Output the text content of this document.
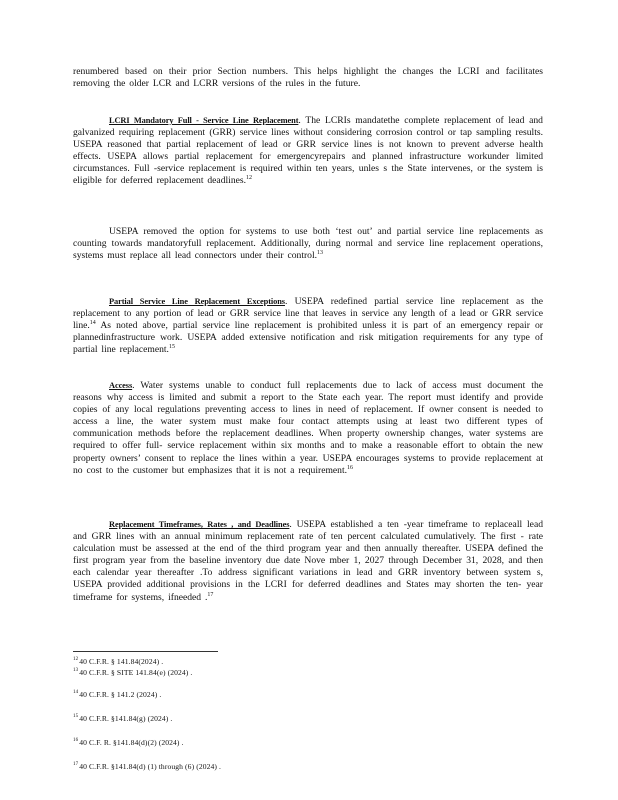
renumbered based on their prior Section numbers. This helps highlight the changes the LCRI and facilitates removing the older LCR and LCRR versions of the rules in the future.

LCRI Mandatory Full - Service Line Replacement. The LCRIs mandatethe complete replacement of lead and galvanized requiring replacement (GRR) service lines without considering corrosion control or tap sampling results. USEPA reasoned that partial replacement of lead or GRR service lines is not known to prevent adverse health effects. USEPA allows partial replacement for emergencyrepairs and planned infrastructure workunder limited circumstances. Full -service replacement is required within ten years, unles s the State intervenes, or the system is eligible for deferred replacement deadlines.$^{12}$

USEPA removed the option for systems to use both ‘test out’ and partial service line replacements as counting towards mandatoryfull replacement. Additionally, during normal and service line replacement operations, systems must replace all lead connectors under their control.$^{13}$

Partial Service Line Replacement Exceptions. USEPA redefined partial service line replacement as the replacement to any portion of lead or GRR service line that leaves in service any length of a lead or GRR service line.$^{14}$ As noted above, partial service line replacement is prohibited unless it is part of an emergency repair or plannedinfrastructure work. USEPA added extensive notification and risk mitigation requirements for any type of partial line replacement.$^{15}$

Access. Water systems unable to conduct full replacements due to lack of access must document the reasons why access is limited and submit a report to the State each year. The report must identify and provide copies of any local regulations preventing access to lines in need of replacement. If owner consent is needed to access a line, the water system must make four contact attempts using at least two different types of communication methods before the replacement deadlines. When property ownership changes, water systems are required to offer full- service replacement within six months and to make a reasonable effort to obtain the new property owners’ consent to replace the lines within a year. USEPA encourages systems to provide replacement at no cost to the customer but emphasizes that it is not a requirement.$^{16}$

Replacement Timeframes, Rates , and Deadlines. USEPA established a ten -year timeframe to replaceall lead and GRR lines with an annual minimum replacement rate of ten percent calculated cumulatively. The first - rate calculation must be assessed at the end of the third program year and then annually thereafter. USEPA defined the first program year from the baseline inventory due date Nove mber 1, 2027 through December 31, 2028, and then each calendar year thereafter .To address significant variations in lead and GRR inventory between system s, USEPA provided additional provisions in the LCRI for deferred deadlines and States may shorten the ten- year timeframe for systems, ifneeded .$^{17}$

$^{12}$40 C.F.R. § 141.84(2024) .
$^{13}$40 C.F.R. § SITE 141.84(e) (2024) .
$^{14}$40 C.F.R. § 141.2 (2024) .
$^{15}$40 C.F.R. §141.84(g) (2024) .
$^{16}$40 C.F. R. §141.84(d)(2) (2024) .
$^{17}$40 C.F.R. §141.84(d) (1) through (6) (2024) .
